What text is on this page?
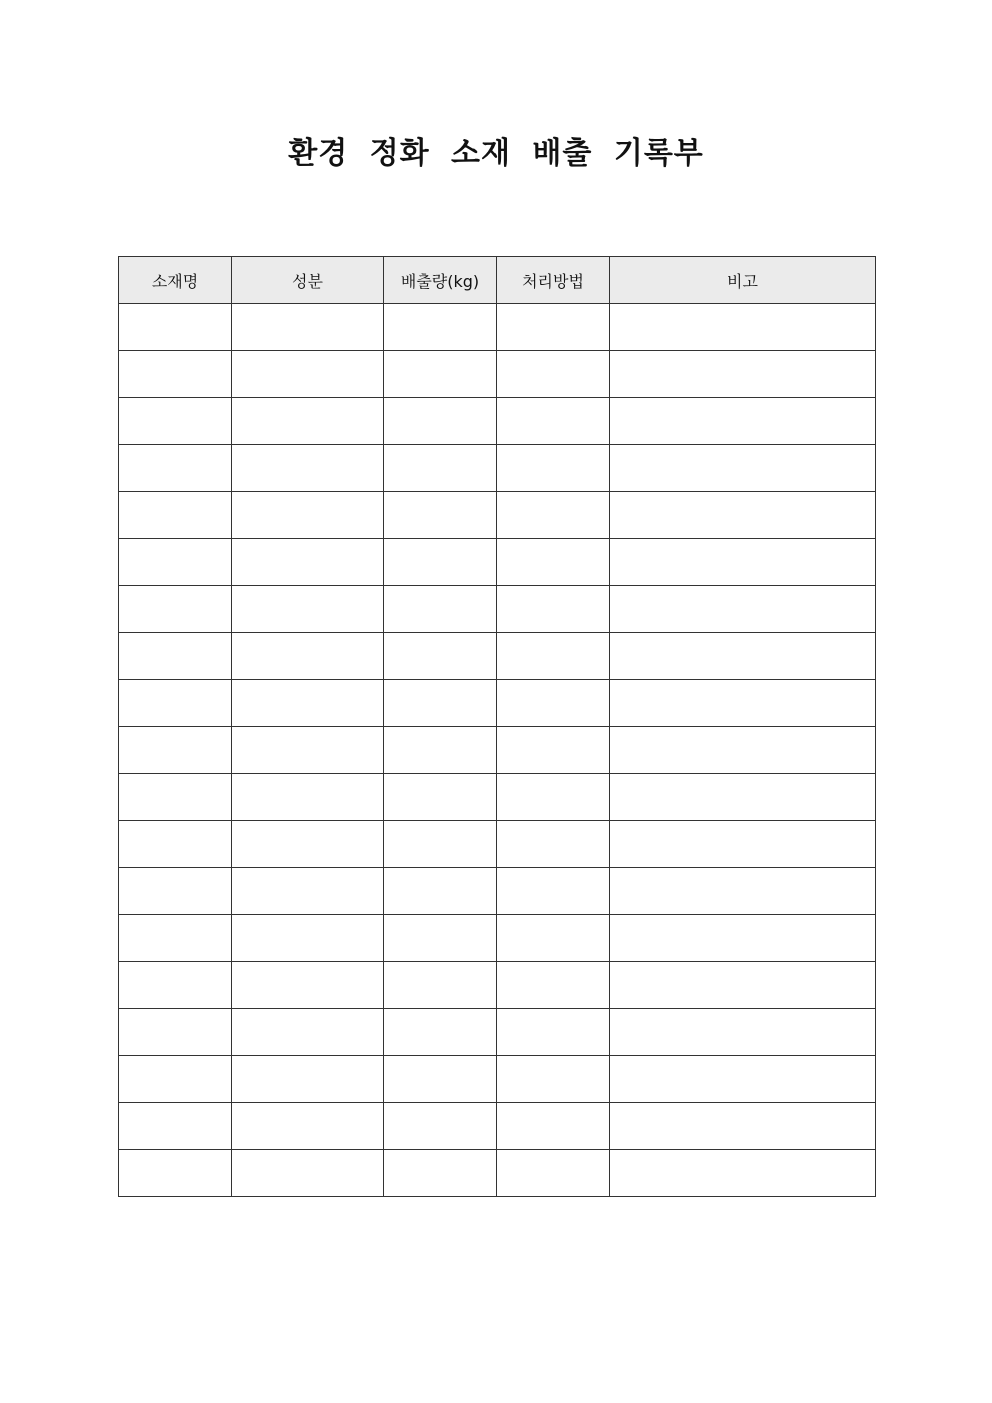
환경 정화 소재 배출 기록부
소재명	성분	배출량(kg)	처리방법	비고
